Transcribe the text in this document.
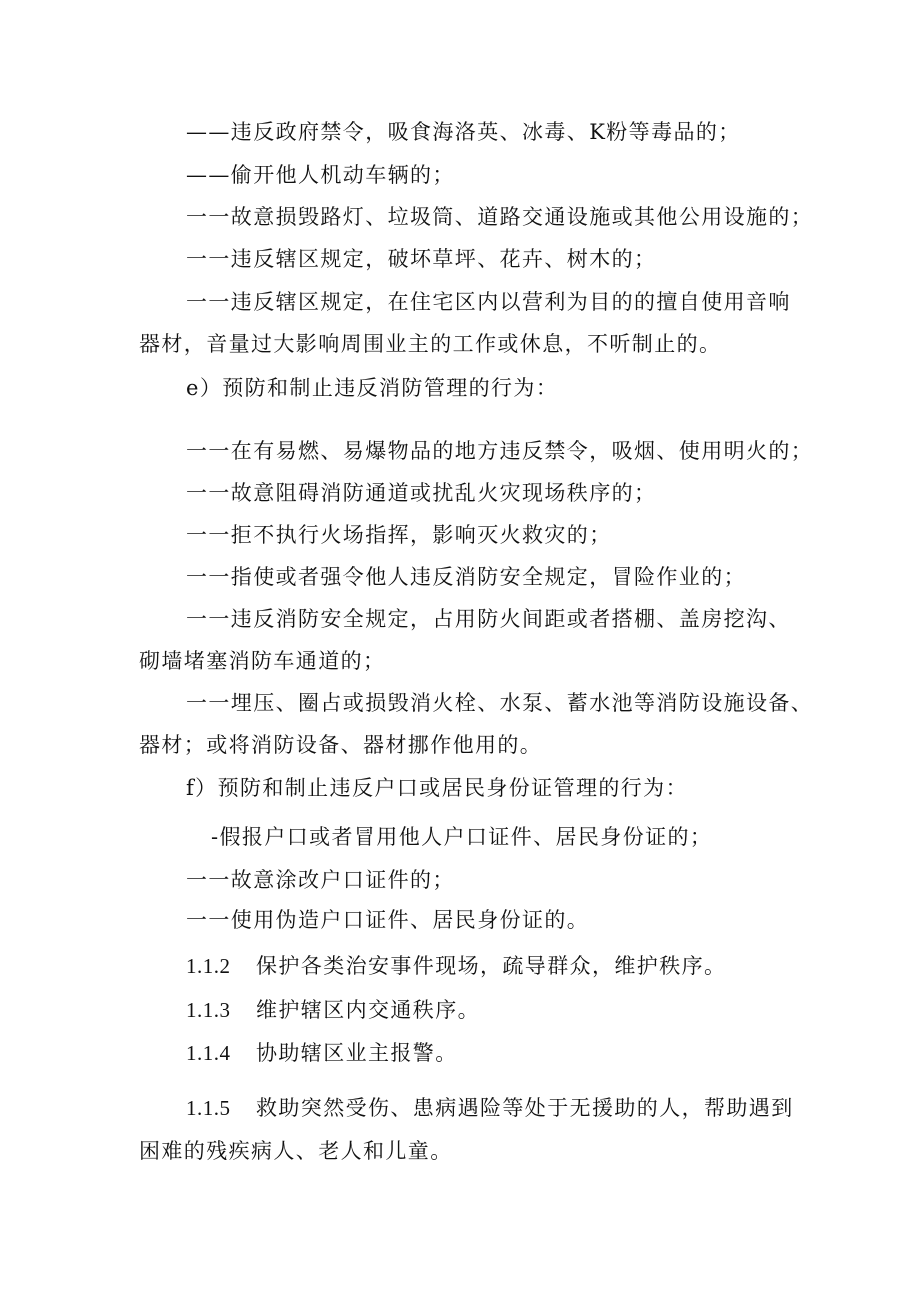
——违反政府禁令，吸食海洛英、冰毒、K粉等毒品的；
——偷开他人机动车辆的；
一一故意损毁路灯、垃圾筒、道路交通设施或其他公用设施的；
一一违反辖区规定，破坏草坪、花卉、树木的；
一一违反辖区规定，在住宅区内以营利为目的的擅自使用音响
器材，音量过大影响周围业主的工作或休息，不听制止的。
e）预防和制止违反消防管理的行为：
一一在有易燃、易爆物品的地方违反禁令，吸烟、使用明火的；
一一故意阻碍消防通道或扰乱火灾现场秩序的；
一一拒不执行火场指挥，影响灭火救灾的；
一一指使或者强令他人违反消防安全规定，冒险作业的；
一一违反消防安全规定，占用防火间距或者搭棚、盖房挖沟、
砌墙堵塞消防车通道的；
一一埋压、圈占或损毁消火栓、水泵、蓄水池等消防设施设备、
器材；或将消防设备、器材挪作他用的。
f）预防和制止违反户口或居民身份证管理的行为：
-假报户口或者冒用他人户口证件、居民身份证的；
一一故意涂改户口证件的；
一一使用伪造户口证件、居民身份证的。
1.1.2 保护各类治安事件现场，疏导群众，维护秩序。
1.1.3 维护辖区内交通秩序。
1.1.4 协助辖区业主报警。
1.1.5 救助突然受伤、患病遇险等处于无援助的人，帮助遇到
困难的残疾病人、老人和儿童。
